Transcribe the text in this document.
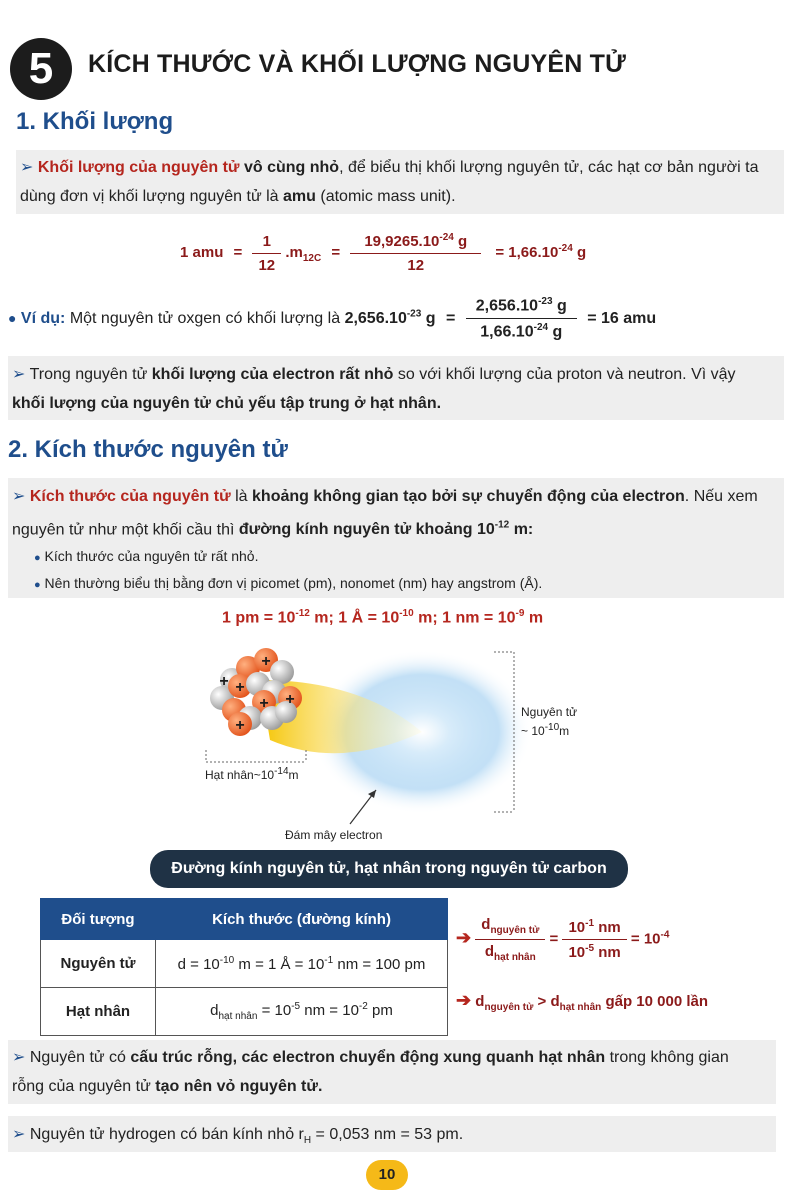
5	KÍCH THƯỚC VÀ KHỐI LƯỢNG NGUYÊN TỬ
1. Khối lượng
➢ Khối lượng của nguyên tử vô cùng nhỏ, để biểu thị khối lượng nguyên tử, các hạt cơ bản người ta
dùng đơn vị khối lượng nguyên tử là amu (atomic mass unit).
1 amu = $\frac{1}{12} .m_{12C} = \frac{19,9265.10^{-24} g}{12} = 1,66.10^{-24}$ g
● Ví dụ: Một nguyên tử oxgen có khối lượng là $2,656.10^{-23}$ $g = \frac{2,656.10^{-23} g}{1,66.10^{-24} g} = 16$ amu
➢ Trong nguyên tử khối lượng của electron rất nhỏ so với khối lượng của proton và neutron. Vì vậy
khối lượng của nguyên tử chủ yếu tập trung ở hạt nhân.
2. Kích thước nguyên tử
➢ Kích thước của nguyên tử là khoảng không gian tạo bởi sự chuyển động của electron. Nếu xem
nguyên tử như một khối cầu thì đường kính nguyên tử khoảng $10^{-12}$ m:
● Kích thước của nguyên tử rất nhỏ.
● Nên thường biểu thị bằng đơn vị picomet (pm), nonomet (nm) hay angstrom (Å).
1 pm = $10^{-12}$ m; 1 Å = $10^{-10}$ m; 1 nm = $10^{-9}$ m
+
+
+ +
+
+
Nguyên tử
~ $10^{-10}m$
Hạt $nhân\sim 10^{-14}m$
Đám mây electron
Đường kính nguyên tử, hạt nhân trong nguyên tử carbon
Đối tượng	Kích thước (đường kính)
Nguyên tử	$d = 10^{-10}$ m = 1 Å = $10^{-1}$ nm = 100 pm
Hạt nhân	$d_{hạt nhân} = 10^{-5}$ nm = $10^{-2}$ pm
➔ $\frac{d_{nguyên tử}}{d_{hạt nhân}} = \frac{10^{-1} nm}{10^{-5} nm} = 10^{-4}$
➔ $d_{nguyên tử} > d_{hạt nhân}$ gấp 10 000 lần
➢ Nguyên tử có cấu trúc rỗng, các electron chuyển động xung quanh hạt nhân trong không gian
rỗng của nguyên tử tạo nên vỏ nguyên tử.
➢ Nguyên tử hydrogen có bán kính nhỏ $r_H = 0,053$ nm = 53 pm.
10
